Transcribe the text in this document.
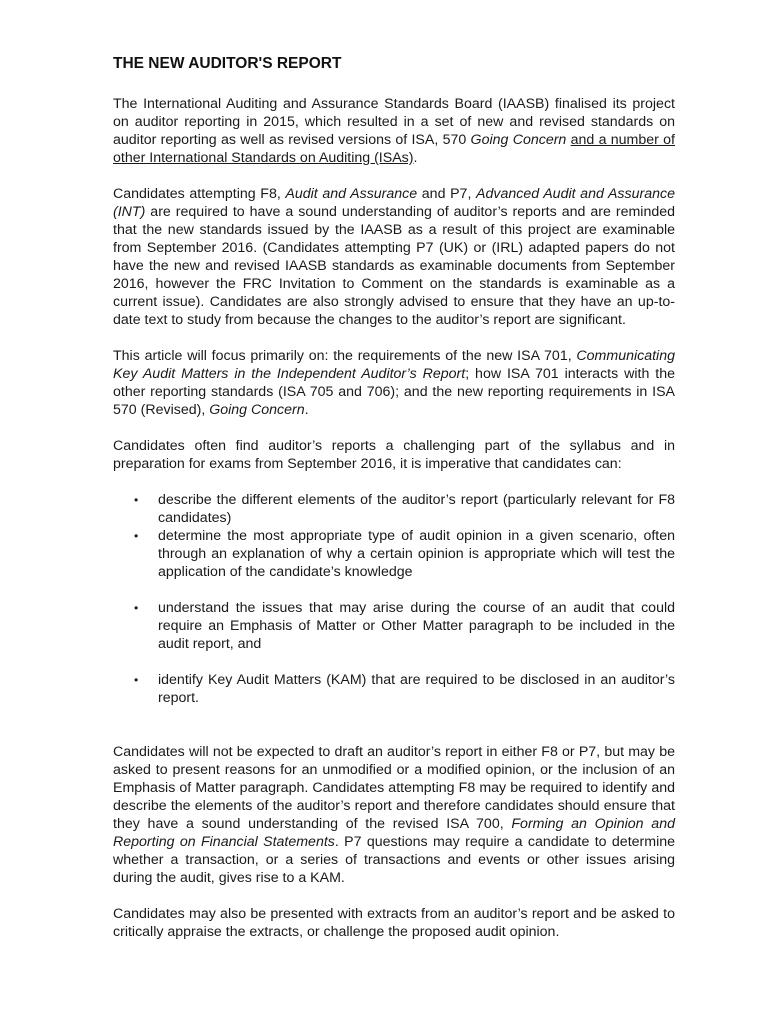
THE NEW AUDITOR'S REPORT

The International Auditing and Assurance Standards Board (IAASB) finalised its project on auditor reporting in 2015, which resulted in a set of new and revised standards on auditor reporting as well as revised versions of ISA, 570 Going Concern and a number of other International Standards on Auditing (ISAs).

Candidates attempting F8, Audit and Assurance and P7, Advanced Audit and Assurance (INT) are required to have a sound understanding of auditor’s reports and are reminded that the new standards issued by the IAASB as a result of this project are examinable from September 2016. (Candidates attempting P7 (UK) or (IRL) adapted papers do not have the new and revised IAASB standards as examinable documents from September 2016, however the FRC Invitation to Comment on the standards is examinable as a current issue). Candidates are also strongly advised to ensure that they have an up-to-date text to study from because the changes to the auditor’s report are significant.

This article will focus primarily on: the requirements of the new ISA 701, Communicating Key Audit Matters in the Independent Auditor’s Report; how ISA 701 interacts with the other reporting standards (ISA 705 and 706); and the new reporting requirements in ISA 570 (Revised), Going Concern.

Candidates often find auditor’s reports a challenging part of the syllabus and in preparation for exams from September 2016, it is imperative that candidates can:

• describe the different elements of the auditor’s report (particularly relevant for F8 candidates)
• determine the most appropriate type of audit opinion in a given scenario, often through an explanation of why a certain opinion is appropriate which will test the application of the candidate’s knowledge
• understand the issues that may arise during the course of an audit that could require an Emphasis of Matter or Other Matter paragraph to be included in the audit report, and
• identify Key Audit Matters (KAM) that are required to be disclosed in an auditor’s report.

Candidates will not be expected to draft an auditor’s report in either F8 or P7, but may be asked to present reasons for an unmodified or a modified opinion, or the inclusion of an Emphasis of Matter paragraph. Candidates attempting F8 may be required to identify and describe the elements of the auditor’s report and therefore candidates should ensure that they have a sound understanding of the revised ISA 700, Forming an Opinion and Reporting on Financial Statements. P7 questions may require a candidate to determine whether a transaction, or a series of transactions and events or other issues arising during the audit, gives rise to a KAM.

Candidates may also be presented with extracts from an auditor’s report and be asked to critically appraise the extracts, or challenge the proposed audit opinion.
